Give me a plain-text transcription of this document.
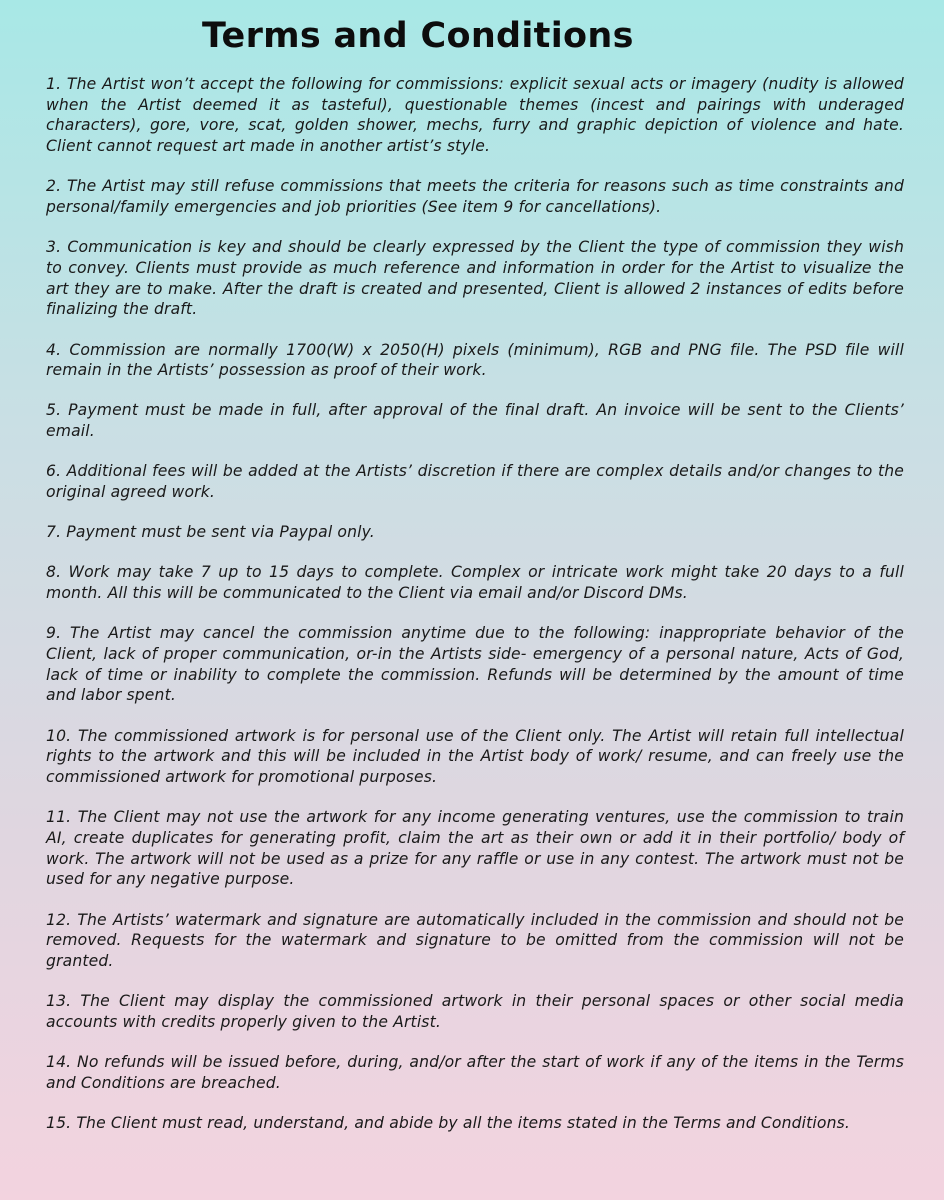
Terms and Conditions
1. The Artist won’t accept the following for commissions: explicit sexual acts or imagery (nudity is allowed when the Artist deemed it as tasteful), questionable themes (incest and pairings with underaged characters), gore, vore, scat, golden shower, mechs, furry and graphic depiction of violence and hate. Client cannot request art made in another artist’s style.
2. The Artist may still refuse commissions that meets the criteria for reasons such as time constraints and personal/family emergencies and job priorities (See item 9 for cancellations).
3. Communication is key and should be clearly expressed by the Client the type of commission they wish to convey. Clients must provide as much reference and information in order for the Artist to visualize the art they are to make. After the draft is created and presented, Client is allowed 2 instances of edits before finalizing the draft.
4. Commission are normally 1700(W) x 2050(H) pixels (minimum), RGB and PNG file. The PSD file will remain in the Artists’ possession as proof of their work.
5. Payment must be made in full, after approval of the final draft. An invoice will be sent to the Clients’ email.
6. Additional fees will be added at the Artists’ discretion if there are complex details and/or changes to the original agreed work.
7. Payment must be sent via Paypal only.
8. Work may take 7 up to 15 days to complete. Complex or intricate work might take 20 days to a full month. All this will be communicated to the Client via email and/or Discord DMs.
9. The Artist may cancel the commission anytime due to the following: inappropriate behavior of the Client, lack of proper communication, or-in the Artists side- emergency of a personal nature, Acts of God, lack of time or inability to complete the commission. Refunds will be determined by the amount of time and labor spent.
10. The commissioned artwork is for personal use of the Client only. The Artist will retain full intellectual rights to the artwork and this will be included in the Artist body of work/ resume, and can freely use the commissioned artwork for promotional purposes.
11. The Client may not use the artwork for any income generating ventures, use the commission to train AI, create duplicates for generating profit, claim the art as their own or add it in their portfolio/ body of work. The artwork will not be used as a prize for any raffle or use in any contest. The artwork must not be used for any negative purpose.
12. The Artists’ watermark and signature are automatically included in the commission and should not be removed. Requests for the watermark and signature to be omitted from the commission will not be granted.
13. The Client may display the commissioned artwork in their personal spaces or other social media accounts with credits properly given to the Artist.
14. No refunds will be issued before, during, and/or after the start of work if any of the items in the Terms and Conditions are breached.
15. The Client must read, understand, and abide by all the items stated in the Terms and Conditions.
